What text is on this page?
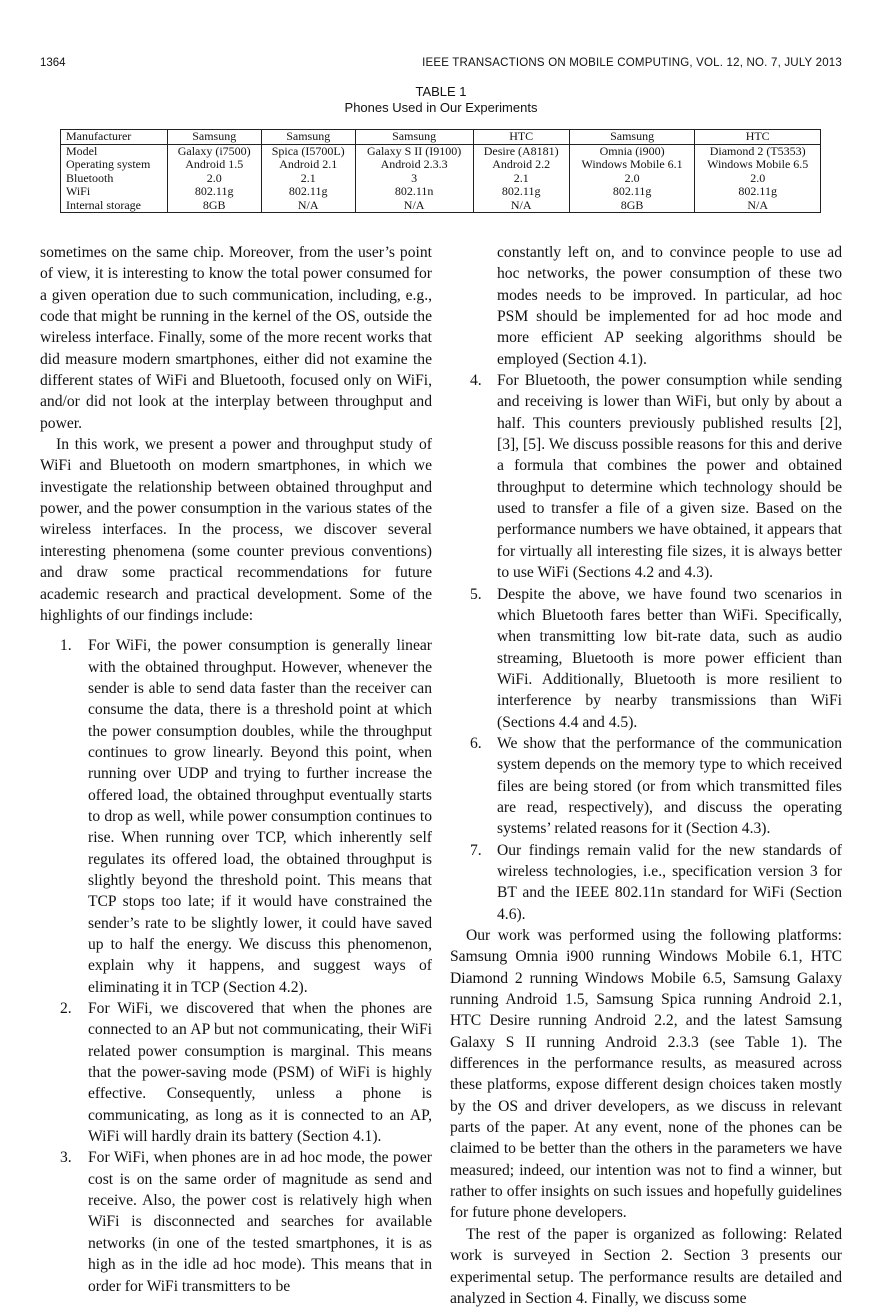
1364	IEEE TRANSACTIONS ON MOBILE COMPUTING, VOL. 12, NO. 7, JULY 2013
TABLE 1
Phones Used in Our Experiments
Manufacturer	Samsung	Samsung	Samsung	HTC	Samsung	HTC
Model	Galaxy (i7500)	Spica (I5700L)	Galaxy S II (I9100)	Desire (A8181)	Omnia (i900)	Diamond 2 (T5353)
Operating system	Android 1.5	Android 2.1	Android 2.3.3	Android 2.2	Windows Mobile 6.1	Windows Mobile 6.5
Bluetooth	2.0	2.1	3	2.1	2.0	2.0
WiFi	802.11g	802.11g	802.11n	802.11g	802.11g	802.11g
Internal storage	8GB	N/A	N/A	N/A	8GB	N/A

sometimes on the same chip. Moreover, from the user’s point of view, it is interesting to know the total power consumed for a given operation due to such communication, including, e.g., code that might be running in the kernel of the OS, outside the wireless interface. Finally, some of the more recent works that did measure modern smartphones, either did not examine the different states of WiFi and Bluetooth, focused only on WiFi, and/or did not look at the interplay between throughput and power.

In this work, we present a power and throughput study of WiFi and Bluetooth on modern smartphones, in which we investigate the relationship between obtained throughput and power, and the power consumption in the various states of the wireless interfaces. In the process, we discover several interesting phenomena (some counter previous conventions) and draw some practical recommendations for future academic research and practical development. Some of the highlights of our findings include:

1. For WiFi, the power consumption is generally linear with the obtained throughput. However, whenever the sender is able to send data faster than the receiver can consume the data, there is a threshold point at which the power consumption doubles, while the throughput continues to grow linearly. Beyond this point, when running over UDP and trying to further increase the offered load, the obtained throughput eventually starts to drop as well, while power consumption continues to rise. When running over TCP, which inherently self regulates its offered load, the obtained throughput is slightly beyond the threshold point. This means that TCP stops too late; if it would have constrained the sender’s rate to be slightly lower, it could have saved up to half the energy. We discuss this phenomenon, explain why it happens, and suggest ways of eliminating it in TCP (Section 4.2).
2. For WiFi, we discovered that when the phones are connected to an AP but not communicating, their WiFi related power consumption is marginal. This means that the power-saving mode (PSM) of WiFi is highly effective. Consequently, unless a phone is communicating, as long as it is connected to an AP, WiFi will hardly drain its battery (Section 4.1).
3. For WiFi, when phones are in ad hoc mode, the power cost is on the same order of magnitude as send and receive. Also, the power cost is relatively high when WiFi is disconnected and searches for available networks (in one of the tested smartphones, it is as high as in the idle ad hoc mode). This means that in order for WiFi transmitters to be
constantly left on, and to convince people to use ad hoc networks, the power consumption of these two modes needs to be improved. In particular, ad hoc PSM should be implemented for ad hoc mode and more efficient AP seeking algorithms should be employed (Section 4.1).
4. For Bluetooth, the power consumption while sending and receiving is lower than WiFi, but only by about a half. This counters previously published results [2], [3], [5]. We discuss possible reasons for this and derive a formula that combines the power and obtained throughput to determine which technology should be used to transfer a file of a given size. Based on the performance numbers we have obtained, it appears that for virtually all interesting file sizes, it is always better to use WiFi (Sections 4.2 and 4.3).
5. Despite the above, we have found two scenarios in which Bluetooth fares better than WiFi. Specifically, when transmitting low bit-rate data, such as audio streaming, Bluetooth is more power efficient than WiFi. Additionally, Bluetooth is more resilient to interference by nearby transmissions than WiFi (Sections 4.4 and 4.5).
6. We show that the performance of the communication system depends on the memory type to which received files are being stored (or from which transmitted files are read, respectively), and discuss the operating systems’ related reasons for it (Section 4.3).
7. Our findings remain valid for the new standards of wireless technologies, i.e., specification version 3 for BT and the IEEE 802.11n standard for WiFi (Section 4.6).

Our work was performed using the following platforms: Samsung Omnia i900 running Windows Mobile 6.1, HTC Diamond 2 running Windows Mobile 6.5, Samsung Galaxy running Android 1.5, Samsung Spica running Android 2.1, HTC Desire running Android 2.2, and the latest Samsung Galaxy S II running Android 2.3.3 (see Table 1). The differences in the performance results, as measured across these platforms, expose different design choices taken mostly by the OS and driver developers, as we discuss in relevant parts of the paper. At any event, none of the phones can be claimed to be better than the others in the parameters we have measured; indeed, our intention was not to find a winner, but rather to offer insights on such issues and hopefully guidelines for future phone developers.

The rest of the paper is organized as following: Related work is surveyed in Section 2. Section 3 presents our experimental setup. The performance results are detailed and analyzed in Section 4. Finally, we discuss some
